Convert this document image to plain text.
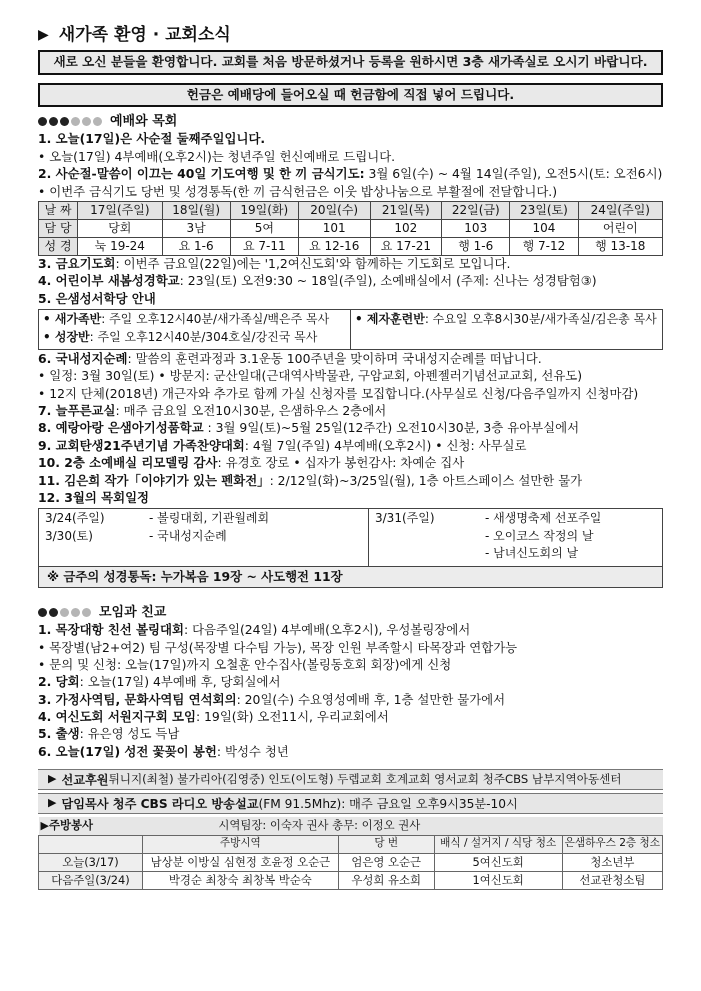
▶ 새가족 환영 · 교회소식
새로 오신 분들을 환영합니다. 교회를 처음 방문하셨거나 등록을 원하시면 3층 새가족실로 오시기 바랍니다.
헌금은 예배당에 들어오실 때 헌금함에 직접 넣어 드립니다.
예배와 목회
1. 오늘(17일)은 사순절 둘째주일입니다.
• 오늘(17일) 4부예배(오후2시)는 청년주일 헌신예배로 드립니다.
2. 사순절-말씀이 이끄는 40일 기도여행 및 한 끼 금식기도: 3월 6일(수) ~ 4월 14일(주일), 오전5시(토: 오전6시)
• 이번주 금식기도 당번 및 성경통독(한 끼 금식헌금은 이웃 밥상나눔으로 부활절에 전달합니다.)
날 짜	17일(주일)	18일(월)	19일(화)	20일(수)	21일(목)	22일(금)	23일(토)	24일(주일)
담 당	당회	3남	5여	101	102	103	104	어린이
성 경	눅 19-24	요 1-6	요 7-11	요 12-16	요 17-21	행 1-6	행 7-12	행 13-18
3. 금요기도회: 이번주 금요일(22일)에는 '1,2여신도회'와 함께하는 기도회로 모입니다.
4. 어린이부 새봄성경학교: 23일(토) 오전9:30 ~ 18일(주일), 소예배실에서 (주제: 신나는 성경탐험③)
5. 은샘성서학당 안내
• 새가족반: 주일 오후12시40분/새가족실/백은주 목사
• 성장반: 주일 오후12시40분/304호실/강진국 목사
• 제자훈련반: 수요일 오후8시30분/새가족실/김은총 목사
6. 국내성지순례: 말씀의 훈련과정과 3.1운동 100주년을 맞이하며 국내성지순례를 떠납니다.
• 일정: 3월 30일(토) • 방문지: 군산일대(근대역사박물관, 구암교회, 아펜젤러기념선교교회, 선유도)
• 12지 단체(2018년) 개근자와 추가로 함께 가실 신청자를 모집합니다.(사무실로 신청/다음주일까지 신청마감)
7. 늘푸른교실: 매주 금요일 오전10시30분, 은샘하우스 2층에서
8. 예랑아랑 은샘아기성품학교 : 3월 9일(토)~5월 25일(12주간) 오전10시30분, 3층 유아부실에서
9. 교회탄생21주년기념 가족찬양대회: 4월 7일(주일) 4부예배(오후2시) • 신청: 사무실로
10. 2층 소예배실 리모델링 감사: 유경호 장로 • 십자가 봉헌감사: 차예순 집사
11. 김은희 작가「이야기가 있는 펜화전」: 2/12일(화)~3/25일(월), 1층 아트스페이스 설만한 물가
12. 3월의 목회일정
3/24(주일)	- 볼링대회, 기관월례회
3/30(토)	- 국내성지순례
3/31(주일)	- 새생명축제 선포주일
- 오이코스 작정의 날
- 남녀신도회의 날
※ 금주의 성경통독: 누가복음 19장 ~ 사도행전 11장
모임과 친교
1. 목장대항 친선 볼링대회: 다음주일(24일) 4부예배(오후2시), 우성볼링장에서
• 목장별(남2+여2) 팀 구성(목장별 다수팀 가능), 목장 인원 부족할시 타목장과 연합가능
• 문의 및 신청: 오늘(17일)까지 오철훈 안수집사(볼링동호회 회장)에게 신청
2. 당회: 오늘(17일) 4부예배 후, 당회실에서
3. 가정사역팀, 문화사역팀 연석회의: 20일(수) 수요영성예배 후, 1층 설만한 물가에서
4. 여신도회 서원지구회 모임: 19일(화) 오전11시, 우리교회에서
5. 출생: 유은영 성도 득남
6. 오늘(17일) 성전 꽃꽂이 봉헌: 박성수 청년
▶ 선교후원 튀니지(최철) 불가리아(김영중) 인도(이도형) 두렙교회 호계교회 영서교회 청주CBS 남부지역아동센터
▶ 담임목사 청주 CBS 라디오 방송설교 (FM 91.5Mhz): 매주 금요일 오후9시35분-10시
▶주방봉사	시역팀장: 이숙자 권사 총무: 이정오 권사			
	주방시역	당 번	배식 / 설거지 / 식당 청소	은샘하우스 2층 청소
오늘(3/17)	남상분 이방실 심현정 호윤정 오순근	엄은영 오순근	5여신도회	청소년부
다음주일(3/24)	박경순 최창숙 최창복 박순숙	우성희 유소희	1여신도회	선교관청소팀
